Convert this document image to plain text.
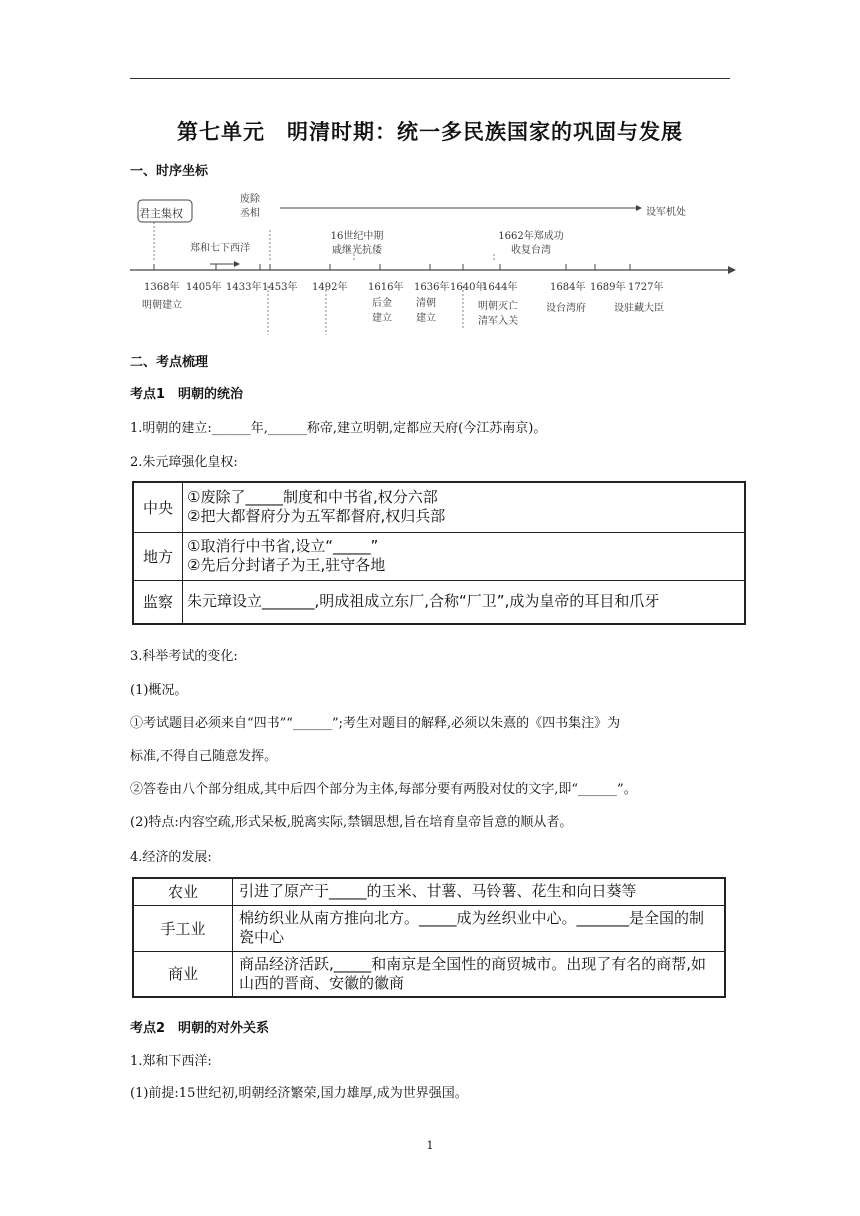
第七单元　明清时期：统一多民族国家的巩固与发展
一、时序坐标
君主集权
废除丞相	设军机处
郑和七下西洋
16世纪中期戚继光抗倭
1662年郑成功收复台湾
1368年 1405年 1433年 1453年 1492年 1616年 1636年 1640年
1644年	1684年 1689年 1727年
明朝建立	后金建立
清朝建立
明朝灭亡清军入关
设台湾府	设驻藏大臣
二、考点梳理
考点1　明朝的统治
1.明朝的建立:______年,______称帝,建立明朝,定都应天府(今江苏南京)。
2.朱元璋强化皇权:
中央	①废除了_____制度和中书省,权分六部
②把大都督府分为五军都督府,权归兵部

地方	①取消行中书省,设立“_____”
②先后分封诸子为王,驻守各地

监察	朱元璋设立_______,明成祖成立东厂,合称“厂卫”,成为皇帝的耳目和爪牙
3.科举考试的变化:
(1)概况。
①考试题目必须来自“四书”“______”;考生对题目的解释,必须以朱熹的《四书集注》为
标准,不得自己随意发挥。
②答卷由八个部分组成,其中后四个部分为主体,每部分要有两股对仗的文字,即“______”。
(2)特点:内容空疏,形式呆板,脱离实际,禁锢思想,旨在培育皇帝旨意的顺从者。
4.经济的发展:
农业	引进了原产于_____的玉米、甘薯、马铃薯、花生和向日葵等
手工业	棉纺织业从南方推向北方。_____成为丝织业中心。_______是全国的制瓷中心
商业	商品经济活跃,_____和南京是全国性的商贸城市。出现了有名的商帮,如山西的晋商、安徽的徽商
考点2　明朝的对外关系
1.郑和下西洋:
(1)前提:15世纪初,明朝经济繁荣,国力雄厚,成为世界强国。
1
